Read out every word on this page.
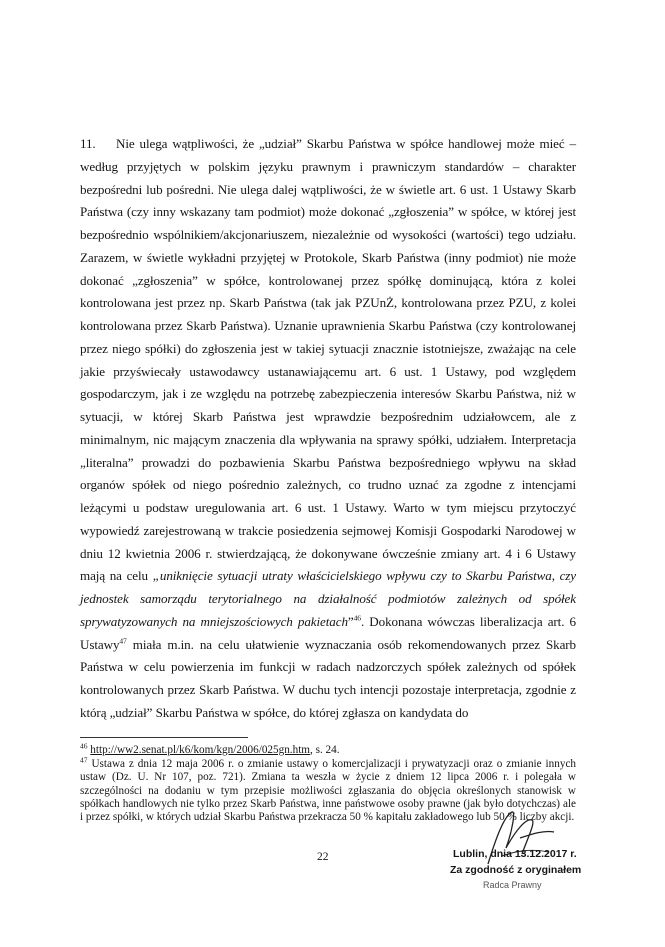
11. Nie ulega wątpliwości, że „udział” Skarbu Państwa w spółce handlowej może mieć – według przyjętych w polskim języku prawnym i prawniczym standardów – charakter bezpośredni lub pośredni. Nie ulega dalej wątpliwości, że w świetle art. 6 ust. 1 Ustawy Skarb Państwa (czy inny wskazany tam podmiot) może dokonać „zgłoszenia” w spółce, w której jest bezpośrednio wspólnikiem/akcjonariuszem, niezależnie od wysokości (wartości) tego udziału. Zarazem, w świetle wykładni przyjętej w Protokole, Skarb Państwa (inny podmiot) nie może dokonać „zgłoszenia” w spółce, kontrolowanej przez spółkę dominującą, która z kolei kontrolowana jest przez np. Skarb Państwa (tak jak PZUnŻ, kontrolowana przez PZU, z kolei kontrolowana przez Skarb Państwa). Uznanie uprawnienia Skarbu Państwa (czy kontrolowanej przez niego spółki) do zgłoszenia jest w takiej sytuacji znacznie istotniejsze, zważając na cele jakie przyświecały ustawodawcy ustanawiającemu art. 6 ust. 1 Ustawy, pod względem gospodarczym, jak i ze względu na potrzebę zabezpieczenia interesów Skarbu Państwa, niż w sytuacji, w której Skarb Państwa jest wprawdzie bezpośrednim udziałowcem, ale z minimalnym, nic mającym znaczenia dla wpływania na sprawy spółki, udziałem. Interpretacja „literalna” prowadzi do pozbawienia Skarbu Państwa bezpośredniego wpływu na skład organów spółek od niego pośrednio zależnych, co trudno uznać za zgodne z intencjami leżącymi u podstaw uregulowania art. 6 ust. 1 Ustawy. Warto w tym miejscu przytoczyć wypowiedź zarejestrowaną w trakcie posiedzenia sejmowej Komisji Gospodarki Narodowej w dniu 12 kwietnia 2006 r. stwierdzającą, że dokonywane ówcześnie zmiany art. 4 i 6 Ustawy mają na celu „uniknięcie sytuacji utraty właścicielskiego wpływu czy to Skarbu Państwa, czy jednostek samorządu terytorialnego na działalność podmiotów zależnych od spółek sprywatyzowanych na mniejszościowych pakietach”$^{46}$. Dokonana wówczas liberalizacja art. 6 Ustawy$^{47}$ miała m.in. na celu ułatwienie wyznaczania osób rekomendowanych przez Skarb Państwa w celu powierzenia im funkcji w radach nadzorczych spółek zależnych od spółek kontrolowanych przez Skarb Państwa. W duchu tych intencji pozostaje interpretacja, zgodnie z którą „udział” Skarbu Państwa w spółce, do której zgłasza on kandydata do

$^{46}$ http://ww2.senat.pl/k6/kom/kgn/2006/025gn.htm, s. 24.

$^{47}$ Ustawa z dnia 12 maja 2006 r. o zmianie ustawy o komercjalizacji i prywatyzacji oraz o zmianie innych ustaw (Dz. U. Nr 107, poz. 721). Zmiana ta weszła w życie z dniem 12 lipca 2006 r. i polegała w szczególności na dodaniu w tym przepisie możliwości zgłaszania do objęcia określonych stanowisk w spółkach handlowych nie tylko przez Skarb Państwa, inne państwowe osoby prawne (jak było dotychczas) ale i przez spółki, w których udział Skarbu Państwa przekracza 50 % kapitału zakładowego lub 50 % liczby akcji.

22	Lublin, dnia 13.12.2017 r.
Za zgodność z oryginałem
Radca Prawny
